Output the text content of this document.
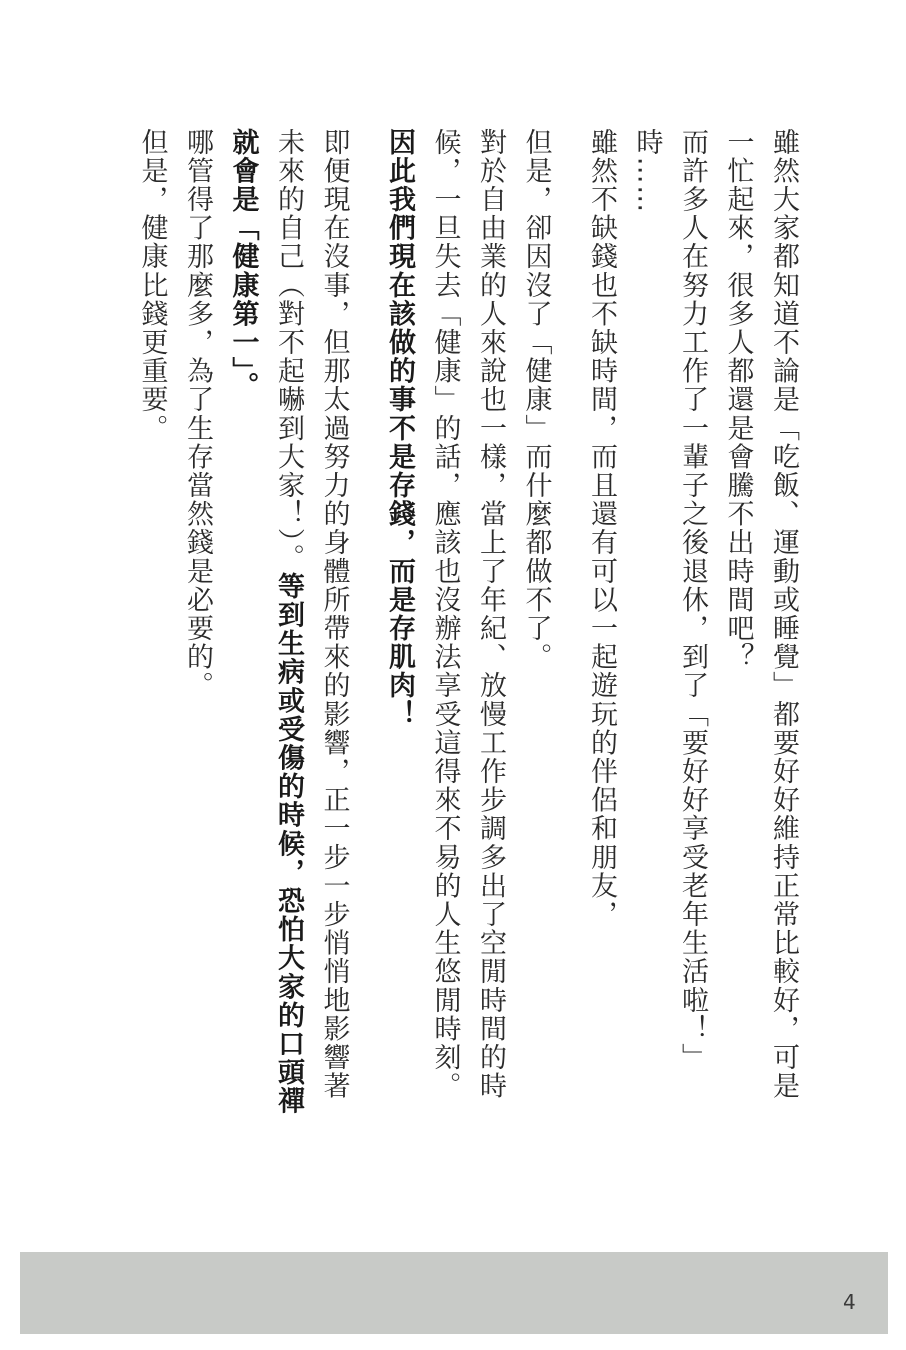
雖然大家都知道不論是「吃飯、運動或睡覺」都要好好維持正常比較好，可是一忙起來，很多人都還是會騰不出時間吧？

而許多人在努力工作了一輩子之後退休，到了「要好好享受老年生活啦！」時……

雖然不缺錢也不缺時間，而且還有可以一起遊玩的伴侶和朋友，

但是，卻因沒了「健康」而什麼都做不了。

對於自由業的人來說也一樣，當上了年紀、放慢工作步調多出了空閒時間的時候，一旦失去「健康」的話，應該也沒辦法享受這得來不易的人生悠閒時刻。

因此我們現在該做的事不是存錢，而是存肌肉！

即便現在沒事，但那太過努力的身體所帶來的影響，正一步一步悄悄地影響著未來的自己（對不起嚇到大家！）。等到生病或受傷的時候，恐怕大家的口頭禪就會是「健康第一」。

哪管得了那麼多，為了生存當然錢是必要的。

但是，健康比錢更重要。

4
